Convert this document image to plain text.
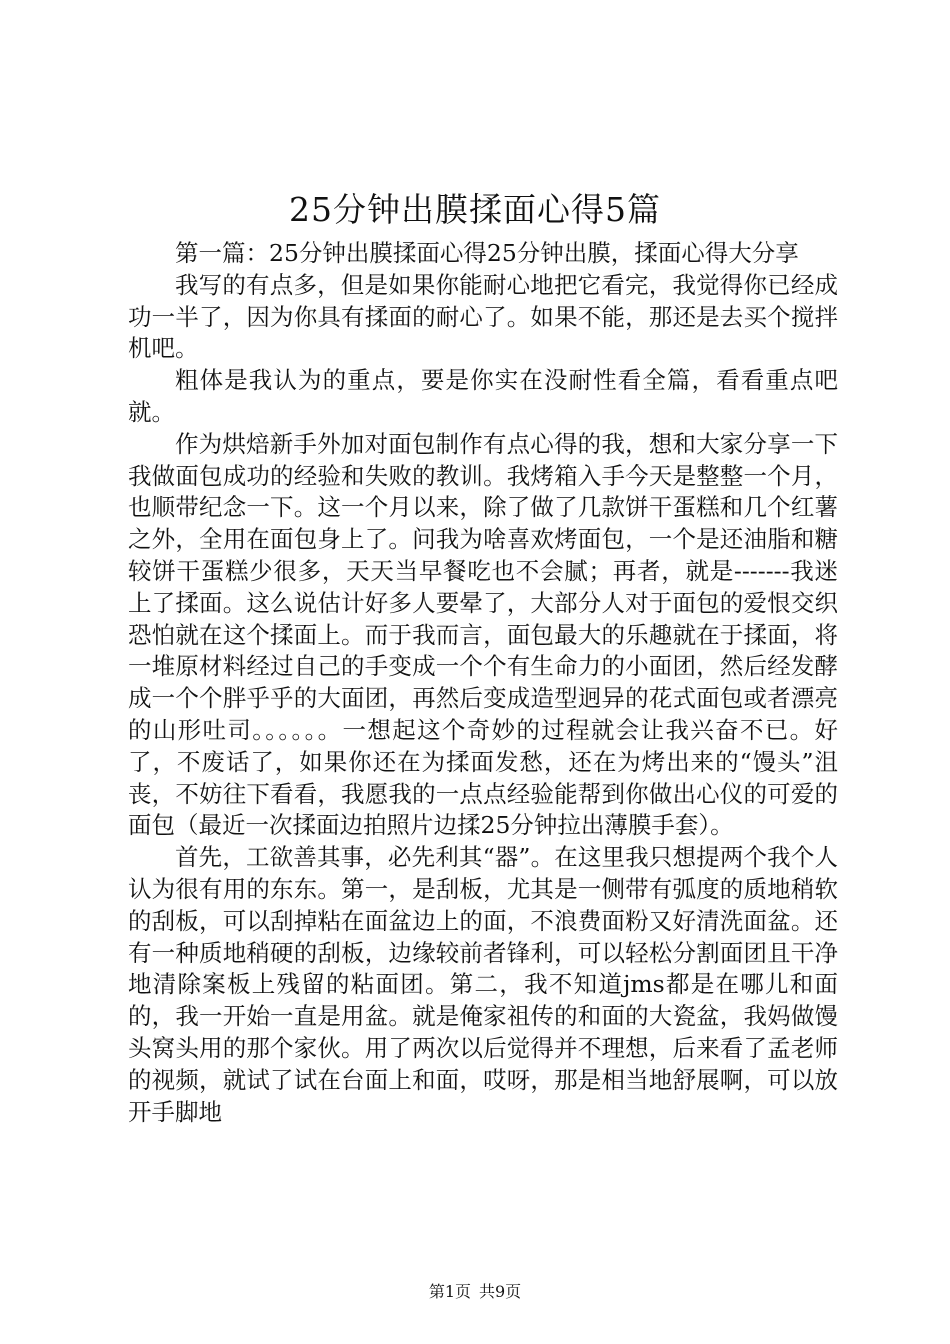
25分钟出膜揉面心得5篇

第一篇：25分钟出膜揉面心得25分钟出膜，揉面心得大分享

我写的有点多，但是如果你能耐心地把它看完，我觉得你已经成功一半了，因为你具有揉面的耐心了。如果不能，那还是去买个搅拌机吧。

粗体是我认为的重点，要是你实在没耐性看全篇，看看重点吧就。

作为烘焙新手外加对面包制作有点心得的我，想和大家分享一下我做面包成功的经验和失败的教训。我烤箱入手今天是整整一个月，也顺带纪念一下。这一个月以来，除了做了几款饼干蛋糕和几个红薯之外，全用在面包身上了。问我为啥喜欢烤面包，一个是还油脂和糖较饼干蛋糕少很多，天天当早餐吃也不会腻；再者，就是-------我迷上了揉面。这么说估计好多人要晕了，大部分人对于面包的爱恨交织恐怕就在这个揉面上。而于我而言，面包最大的乐趣就在于揉面，将一堆原材料经过自己的手变成一个个有生命力的小面团，然后经发酵成一个个胖乎乎的大面团，再然后变成造型迥异的花式面包或者漂亮的山形吐司。。。。。。一想起这个奇妙的过程就会让我兴奋不已。好了，不废话了，如果你还在为揉面发愁，还在为烤出来的“馒头”沮丧，不妨往下看看，我愿我的一点点经验能帮到你做出心仪的可爱的面包（最近一次揉面边拍照片边揉25分钟拉出薄膜手套）。

首先，工欲善其事，必先利其“器”。在这里我只想提两个我个人认为很有用的东东。第一，是刮板，尤其是一侧带有弧度的质地稍软的刮板，可以刮掉粘在面盆边上的面，不浪费面粉又好清洗面盆。还有一种质地稍硬的刮板，边缘较前者锋利，可以轻松分割面团且干净地清除案板上残留的粘面团。第二，我不知道jms都是在哪儿和面的，我一开始一直是用盆。就是俺家祖传的和面的大瓷盆，我妈做馒头窝头用的那个家伙。用了两次以后觉得并不理想，后来看了孟老师的视频，就试了试在台面上和面，哎呀，那是相当地舒展啊，可以放开手脚地

第1页 共9页
